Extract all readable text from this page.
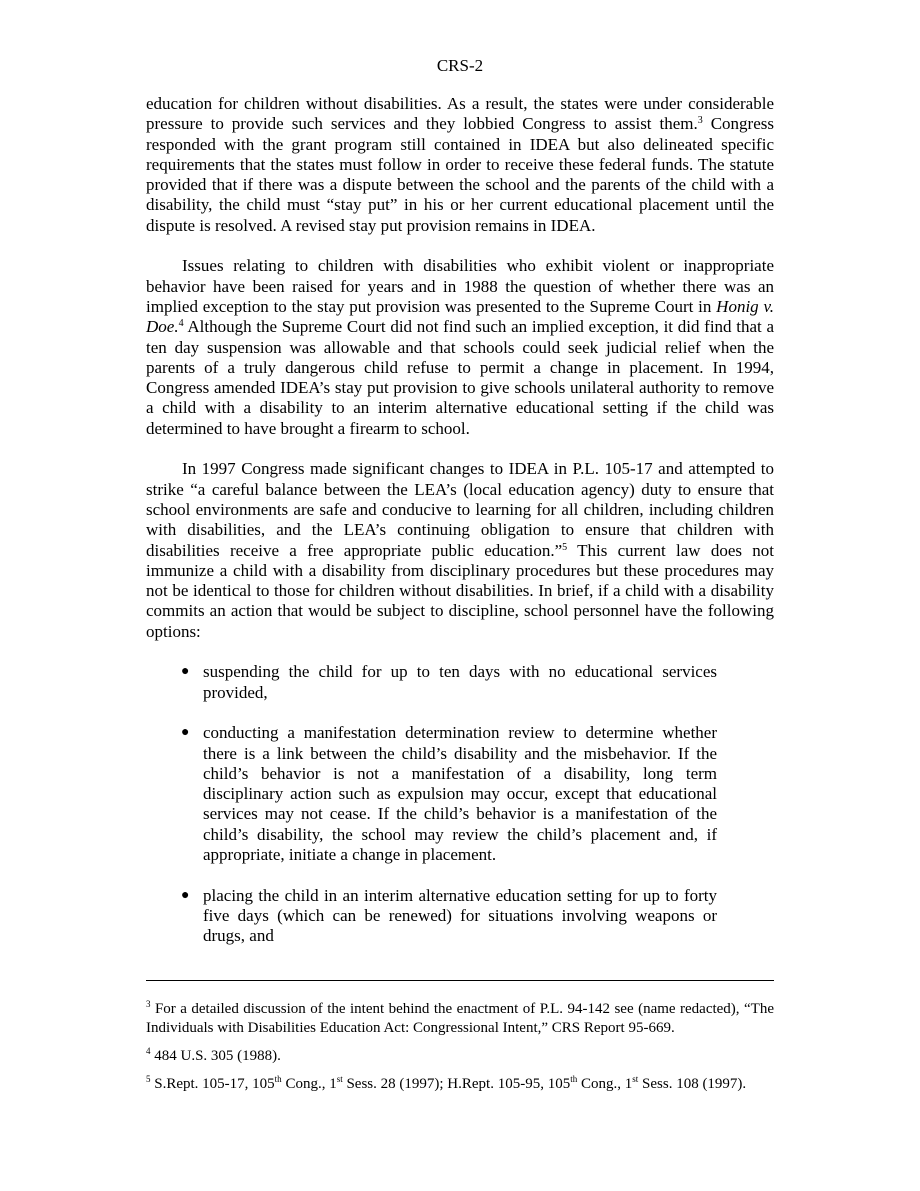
CRS-2

education for children without disabilities. As a result, the states were under considerable pressure to provide such services and they lobbied Congress to assist them.$^3$ Congress responded with the grant program still contained in IDEA but also delineated specific requirements that the states must follow in order to receive these federal funds. The statute provided that if there was a dispute between the school and the parents of the child with a disability, the child must “stay put” in his or her current educational placement until the dispute is resolved. A revised stay put provision remains in IDEA.

Issues relating to children with disabilities who exhibit violent or inappropriate behavior have been raised for years and in 1988 the question of whether there was an implied exception to the stay put provision was presented to the Supreme Court in Honig v. Doe.$^4$ Although the Supreme Court did not find such an implied exception, it did find that a ten day suspension was allowable and that schools could seek judicial relief when the parents of a truly dangerous child refuse to permit a change in placement. In 1994, Congress amended IDEA’s stay put provision to give schools unilateral authority to remove a child with a disability to an interim alternative educational setting if the child was determined to have brought a firearm to school.

In 1997 Congress made significant changes to IDEA in P.L. 105-17 and attempted to strike “a careful balance between the LEA’s (local education agency) duty to ensure that school environments are safe and conducive to learning for all children, including children with disabilities, and the LEA’s continuing obligation to ensure that children with disabilities receive a free appropriate public education.”$^5$ This current law does not immunize a child with a disability from disciplinary procedures but these procedures may not be identical to those for children without disabilities. In brief, if a child with a disability commits an action that would be subject to discipline, school personnel have the following options:

● suspending the child for up to ten days with no educational services provided,
● conducting a manifestation determination review to determine whether there is a link between the child’s disability and the misbehavior. If the child’s behavior is not a manifestation of a disability, long term disciplinary action such as expulsion may occur, except that educational services may not cease. If the child’s behavior is a manifestation of the child’s disability, the school may review the child’s placement and, if appropriate, initiate a change in placement.
● placing the child in an interim alternative education setting for up to forty five days (which can be renewed) for situations involving weapons or drugs, and

$^3$ For a detailed discussion of the intent behind the enactment of P.L. 94-142 see (name redacted), “The Individuals with Disabilities Education Act: Congressional Intent,” CRS Report 95-669.

$^4$ 484 U.S. 305 (1988).

$^5$ S.Rept. 105-17, 105th Cong., 1st Sess. 28 (1997); H.Rept. 105-95, 105th Cong., 1st Sess. 108 (1997).
